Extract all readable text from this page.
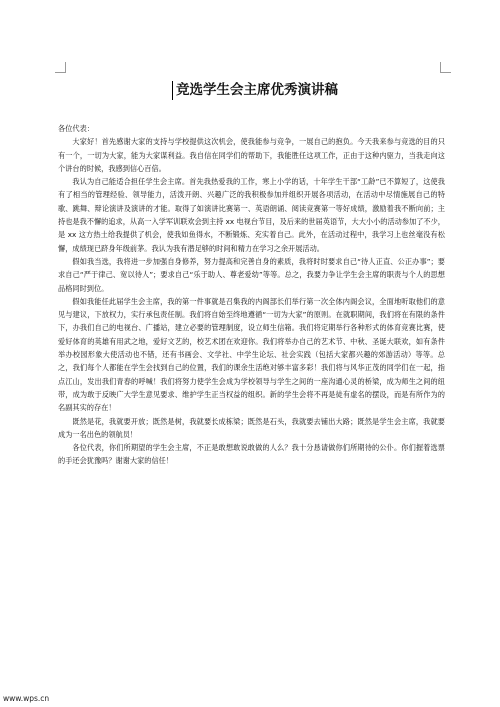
竞选学生会主席优秀演讲稿

各位代表：

大家好！首先感谢大家的支持与学校提供这次机会，使我能参与竞争，一展自己的抱负。今天我来参与竞选的目的只有一个，一切为大家，能为大家谋利益。我自信在同学们的帮助下，我能胜任这项工作，正由于这种内驱力，当我走向这个讲台的时候，我感到信心百倍。

我认为自己能适合担任学生会主席。首先我热爱我的工作，寒上小学的话，十年学生干部“工龄”已不算短了，这使我有了相当的管理经验、领导能力，活泼开朗、兴趣广泛的我积极参加并组织开展各项活动，在活动中尽情施展自己的特歌、跳舞、辩论演讲及演讲的才能。取得了如演讲比赛第一、英语朗诵、阅读竞赛第一等好成绩，激励着我不断向前；主持也是我不懈的追求，从高一入学军训联欢会到主持 xx 电视台节目，及后来的世届英语节，大大小小的活动参加了不少，是 xx 这方热土给我提供了机会，使我如鱼得水，不断锻炼、充实着自己。此外，在活动过程中，我学习上也丝毫没有松懈，成绩现已跻身年级前茅。我认为我有潜足够的时间和精力在学习之余开展活动。

假如我当选，我将进一步加强自身修养，努力提高和完善自身的素质，我将时时要求自己“待人正直、公正办事”；要求自己“严于律己、宽以待人”；要求自己“乐于助人、尊老爱幼”等等。总之，我要力争让学生会主席的职责与个人的思想品格同时到位。

假如我能任此届学生会主席，我的第一件事就是召集我的内阁部长们举行第一次全体内阁会议，全面地听取他们的意见与建议，下放权力，实行承包责任制。我们将自始至终地遵循“一切为大家”的原则。在就职期间，我们将在有限的条件下，办我们自己的电视台、广播站，建立必要的管理制度，设立师生信箱。我们将定期举行各种形式的体育竞赛比赛，使爱好体育的英雄有用武之地，爱好文艺的，校艺术团在欢迎你。我们将举办自己的艺术节、中秋、圣诞大联欢，如有条件举办校园形象大使活动也不错，还有书画会、文学社、中学生论坛、社会实践（包括大家都兴趣的郊游活动）等等。总之，我们每个人都能在学生会找到自己的位置，我们的课余生活绝对够丰富多彩！我们将与风华正茂的同学们在一起，指点江山，发出我们青春的呼喊！我们将努力使学生会成为学校领导与学生之间的一座沟通心灵的桥梁，成为师生之间的纽带，成为敢于反映广大学生意见要求、维护学生正当权益的组织。新的学生会将不再是徒有虚名的摆设，而是有所作为的名副其实的存在！

既然是花，我就要开放；既然是树，我就要长成栋梁；既然是石头，我就要去铺出大路；既然是学生会主席，我就要成为一名出色的领航员！

各位代表，你们所期望的学生会主席，不正是敢想敢说敢做的人么？我十分恳请做你们所期待的公仆。你们握着选票的手还会犹豫吗？谢谢大家的信任！

www.wps.cn
